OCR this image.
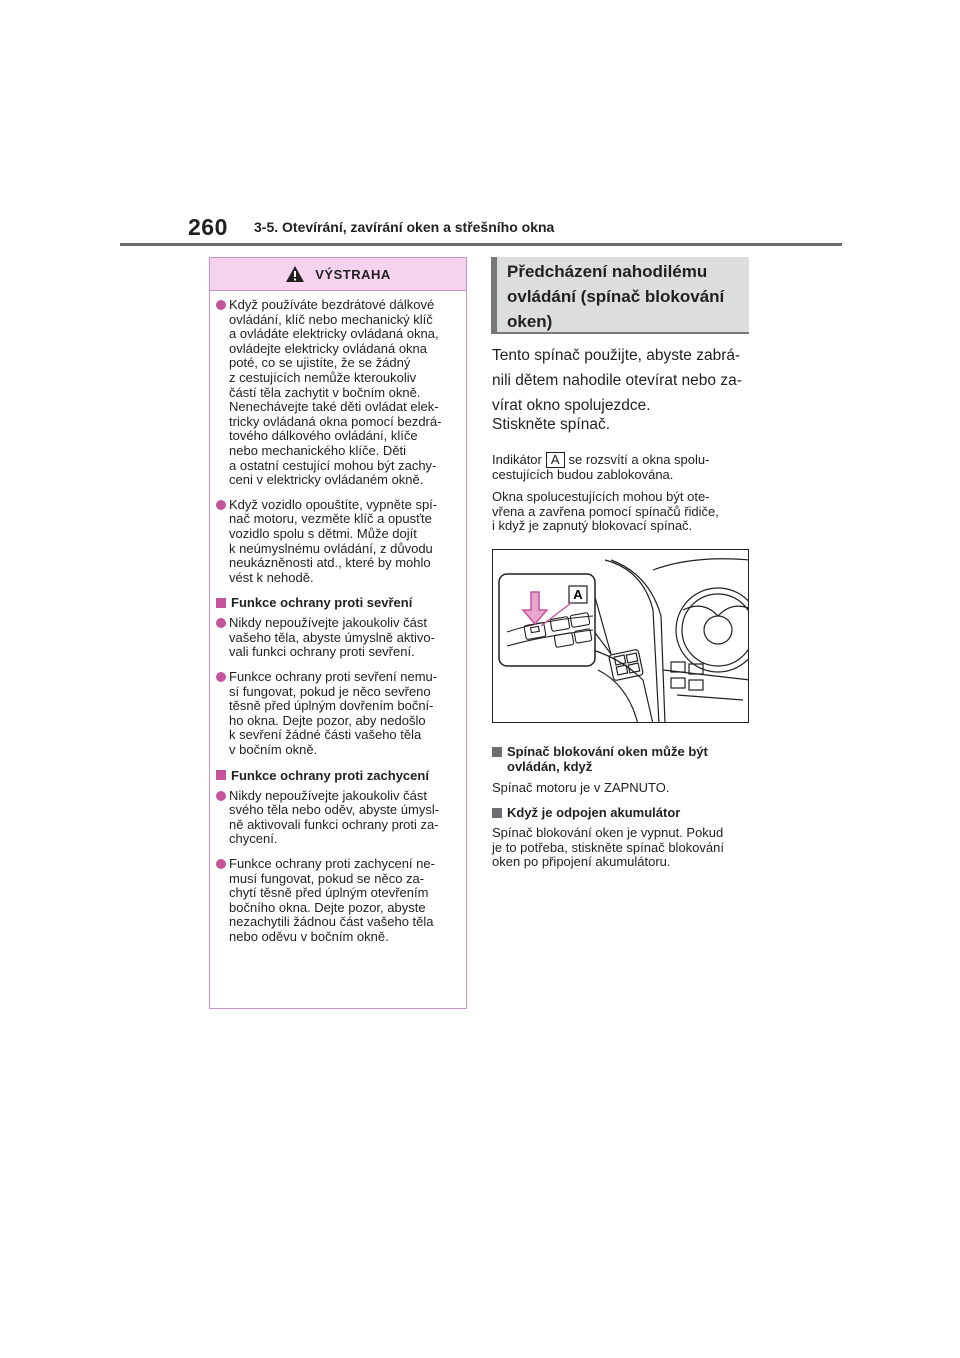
260 3-5. Otevírání, zavírání oken a střešního okna
VÝSTRAHA
Když používáte bezdrátové dálkové
ovládání, klíč nebo mechanický klíč
a ovládáte elektricky ovládaná okna,
ovládejte elektricky ovládaná okna
poté, co se ujistíte, že se žádný
z cestujících nemůže kteroukoliv
částí těla zachytit v bočním okně.
Nenechávejte také děti ovládat elek-
tricky ovládaná okna pomocí bezdrá-
tového dálkového ovládání, klíče
nebo mechanického klíče. Děti
a ostatní cestující mohou být zachy-
ceni v elektricky ovládaném okně.
Když vozidlo opouštíte, vypněte spí-
nač motoru, vezměte klíč a opusťte
vozidlo spolu s dětmi. Může dojít
k neúmyslnému ovládání, z důvodu
neukázněnosti atd., které by mohlo
vést k nehodě.
Funkce ochrany proti sevření
Nikdy nepoužívejte jakoukoliv část
vašeho těla, abyste úmyslně aktivo-
vali funkci ochrany proti sevření.
Funkce ochrany proti sevření nemu-
sí fungovat, pokud je něco sevřeno
těsně před úplným dovřením boční-
ho okna. Dejte pozor, aby nedošlo
k sevření žádné části vašeho těla
v bočním okně.
Funkce ochrany proti zachycení
Nikdy nepoužívejte jakoukoliv část
svého těla nebo oděv, abyste úmysl-
ně aktivovali funkci ochrany proti za-
chycení.
Funkce ochrany proti zachycení ne-
musí fungovat, pokud se něco za-
chytí těsně před úplným otevřením
bočního okna. Dejte pozor, abyste
nezachytili žádnou část vašeho těla
nebo oděvu v bočním okně.
Předcházení nahodilému
ovládání (spínač blokování
oken)
Tento spínač použijte, abyste zabrá-
nili dětem nahodile otevírat nebo za-
vírat okno spolujezdce.
Stiskněte spínač.
Indikátor A se rozsvítí a okna spolu-
cestujících budou zablokována.
Okna spolucestujících mohou být ote-
vřena a zavřena pomocí spínačů řidiče,
i když je zapnutý blokovací spínač.
A
Spínač blokování oken může být
ovládán, když
Spínač motoru je v ZAPNUTO.
Když je odpojen akumulátor
Spínač blokování oken je vypnut. Pokud
je to potřeba, stiskněte spínač blokování
oken po připojení akumulátoru.
